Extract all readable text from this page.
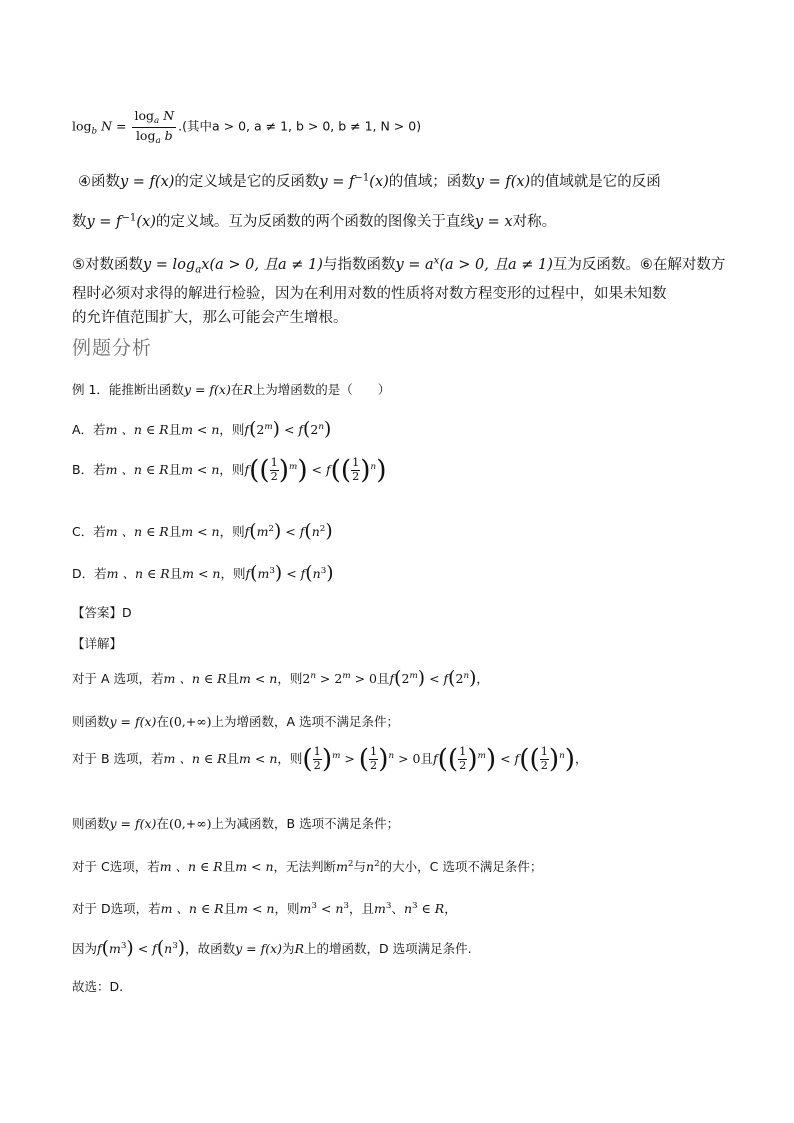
$\log_b N = \frac{\log_a N}{\log_a b}$ .(其中a > 0, a ≠ 1, b > 0, b ≠ 1, N > 0)
④函数y = f(x)的定义域是它的反函数$y = f^{-1}(x)$的值域；函数y = f(x)的值域就是它的反函
数$y = f^{-1}(x)$的定义域。互为反函数的两个函数的图像关于直线y = x对称。
⑤对数函数$y = \log_ax(a > 0$, 且a ≠ 1)与指数函数$y = a^x(a > 0$, 且a ≠ 1)互为反函数。⑥在解对数方
程时必须对求得的解进行检验，因为在利用对数的性质将对数方程变形的过程中，如果未知数
的允许值范围扩大，那么可能会产生增根。
例题分析
例 1．能推断出函数y = f(x)在R上为增函数的是（　　）
A．若m 、n ∈ R且m < n，则$f(2^m) < f(2^n)$
B．若m 、n ∈ R且m < n，则$f(( \frac{1}{2} )^m) < f(( \frac{1}{2} )^n)$
C．若m 、n ∈ R且m < n，则$f(m^2) < f(n^2)$
D．若m 、n ∈ R且m < n，则$f(m^3) < f(n^3)$
【答案】D
【详解】
对于 A 选项，若m 、n ∈ R且m < n，则$2^n > 2^m > 0$且$f(2^m) < f(2^n)$，
则函数y = f(x)在(0,+∞)上为增函数，A 选项不满足条件；
对于 B 选项，若m 、n ∈ R且m < n，则( $\frac{1}{2} )^m$ > ( $\frac{1}{2} )^n > 0$且$f(( \frac{1}{2} )^m) < f(( \frac{1}{2} )^n)$，
则函数y = f(x)在(0,+∞)上为减函数，B 选项不满足条件；
对于 C选项，若m 、n ∈ R且m < n，无法判断$m^2$与$n^2$的大小，C 选项不满足条件；
对于 D选项，若m 、n ∈ R且m < n，则$m^3 < n^3$，且$m^3$、$n^3$ ∈ R，
因为$f(m^3) < f(n^3)$，故函数y = f(x)为R上的增函数，D 选项满足条件.
故选：D.
